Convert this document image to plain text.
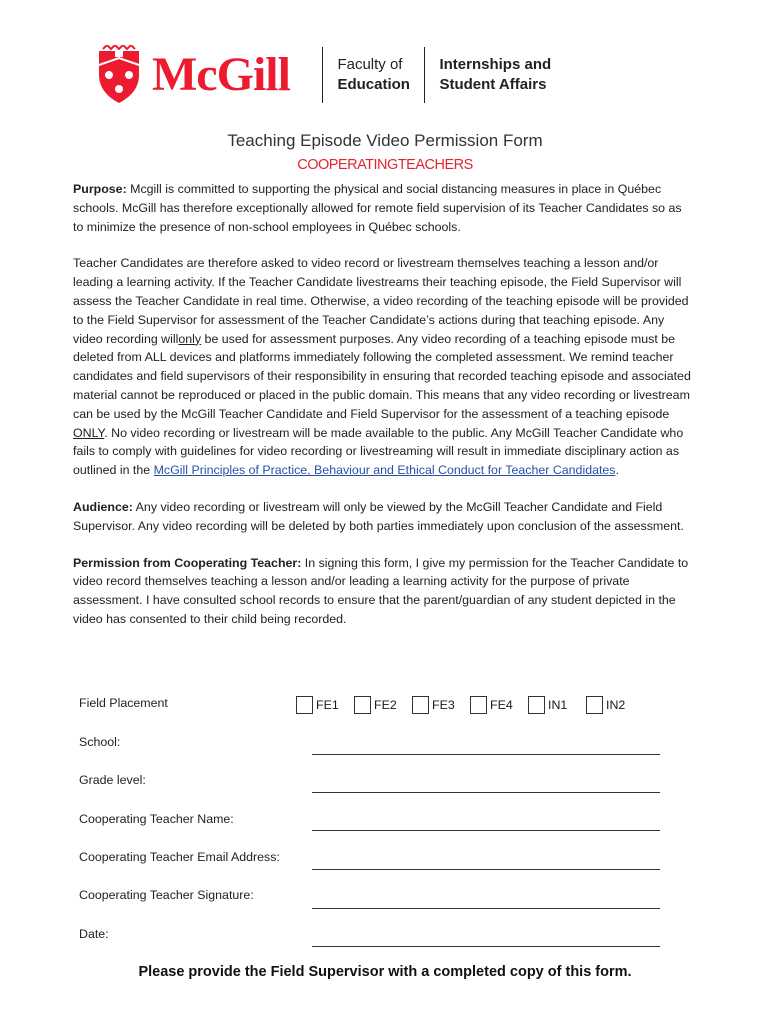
McGill	Faculty of
Education
Internships and
Student Affairs
Teaching Episode Video Permission Form
COOPERATINGTEACHERS

Purpose: Mcgill is committed to supporting the physical and social distancing measures in place in Québec schools. McGill has therefore exceptionally allowed for remote field supervision of its Teacher Candidates so as to minimize the presence of non-school employees in Québec schools.

Teacher Candidates are therefore asked to video record or livestream themselves teaching a lesson and/or leading a learning activity. If the Teacher Candidate livestreams their teaching episode, the Field Supervisor will assess the Teacher Candidate in real time. Otherwise, a video recording of the teaching episode will be provided to the Field Supervisor for assessment of the Teacher Candidate’s actions during that teaching episode. Any video recording willonly be used for assessment purposes. Any video recording of a teaching episode must be deleted from ALL devices and platforms immediately following the completed assessment. We remind teacher candidates and field supervisors of their responsibility in ensuring that recorded teaching episode and associated material cannot be reproduced or placed in the public domain. This means that any video recording or livestream can be used by the McGill Teacher Candidate and Field Supervisor for the assessment of a teaching episode ONLY. No video recording or livestream will be made available to the public. Any McGill Teacher Candidate who fails to comply with guidelines for video recording or livestreaming will result in immediate disciplinary action as outlined in the McGill Principles of Practice, Behaviour and Ethical Conduct for Teacher Candidates.

Audience: Any video recording or livestream will only be viewed by the McGill Teacher Candidate and Field Supervisor. Any video recording will be deleted by both parties immediately upon conclusion of the assessment.

Permission from Cooperating Teacher: In signing this form, I give my permission for the Teacher Candidate to video record themselves teaching a lesson and/or leading a learning activity for the purpose of private assessment. I have consulted school records to ensure that the parent/guardian of any student depicted in the video has consented to their child being recorded.

Field Placement	FE1	FE2	FE3	FE4	IN1	IN2
School:
Grade level:
Cooperating Teacher Name:
Cooperating Teacher Email Address:
Cooperating Teacher Signature:
Date:
Please provide the Field Supervisor with a completed copy of this form.
